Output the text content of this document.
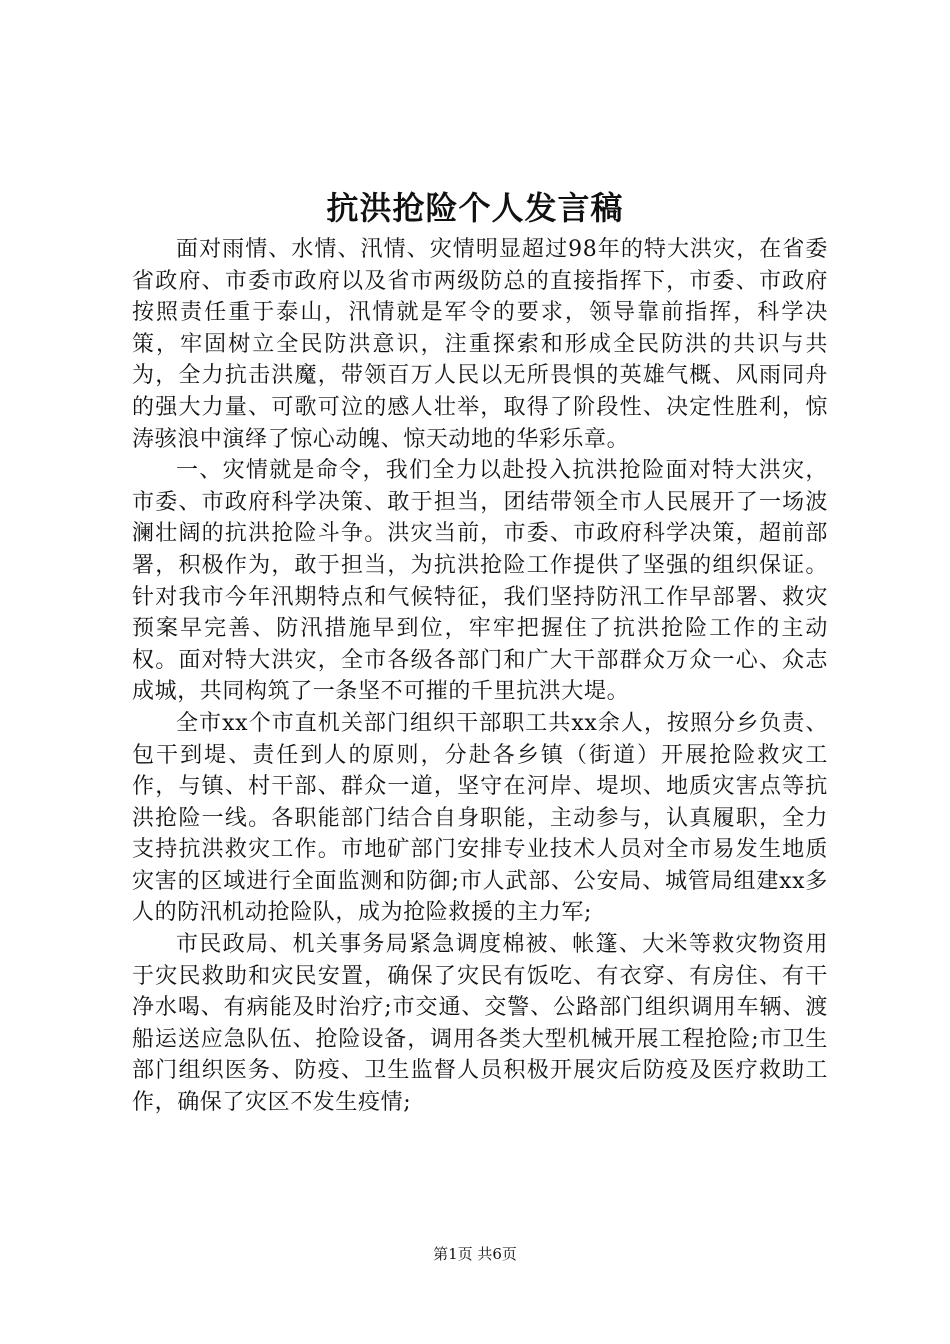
抗洪抢险个人发言稿

面对雨情、水情、汛情、灾情明显超过98年的特大洪灾，在省委省政府、市委市政府以及省市两级防总的直接指挥下，市委、市政府按照责任重于泰山，汛情就是军令的要求，领导靠前指挥，科学决策，牢固树立全民防洪意识，注重探索和形成全民防洪的共识与共为，全力抗击洪魔，带领百万人民以无所畏惧的英雄气概、风雨同舟的强大力量、可歌可泣的感人壮举，取得了阶段性、决定性胜利，惊涛骇浪中演绎了惊心动魄、惊天动地的华彩乐章。

一、灾情就是命令，我们全力以赴投入抗洪抢险面对特大洪灾，市委、市政府科学决策、敢于担当，团结带领全市人民展开了一场波澜壮阔的抗洪抢险斗争。洪灾当前，市委、市政府科学决策，超前部署，积极作为，敢于担当，为抗洪抢险工作提供了坚强的组织保证。针对我市今年汛期特点和气候特征，我们坚持防汛工作早部署、救灾预案早完善、防汛措施早到位，牢牢把握住了抗洪抢险工作的主动权。面对特大洪灾，全市各级各部门和广大干部群众万众一心、众志成城，共同构筑了一条坚不可摧的千里抗洪大堤。

全市xx个市直机关部门组织干部职工共xx余人，按照分乡负责、包干到堤、责任到人的原则，分赴各乡镇（街道）开展抢险救灾工作，与镇、村干部、群众一道，坚守在河岸、堤坝、地质灾害点等抗洪抢险一线。各职能部门结合自身职能，主动参与，认真履职，全力支持抗洪救灾工作。市地矿部门安排专业技术人员对全市易发生地质灾害的区域进行全面监测和防御;市人武部、公安局、城管局组建xx多人的防汛机动抢险队，成为抢险救援的主力军;

市民政局、机关事务局紧急调度棉被、帐篷、大米等救灾物资用于灾民救助和灾民安置，确保了灾民有饭吃、有衣穿、有房住、有干净水喝、有病能及时治疗;市交通、交警、公路部门组织调用车辆、渡船运送应急队伍、抢险设备，调用各类大型机械开展工程抢险;市卫生部门组织医务、防疫、卫生监督人员积极开展灾后防疫及医疗救助工作，确保了灾区不发生疫情;

第1页 共6页
